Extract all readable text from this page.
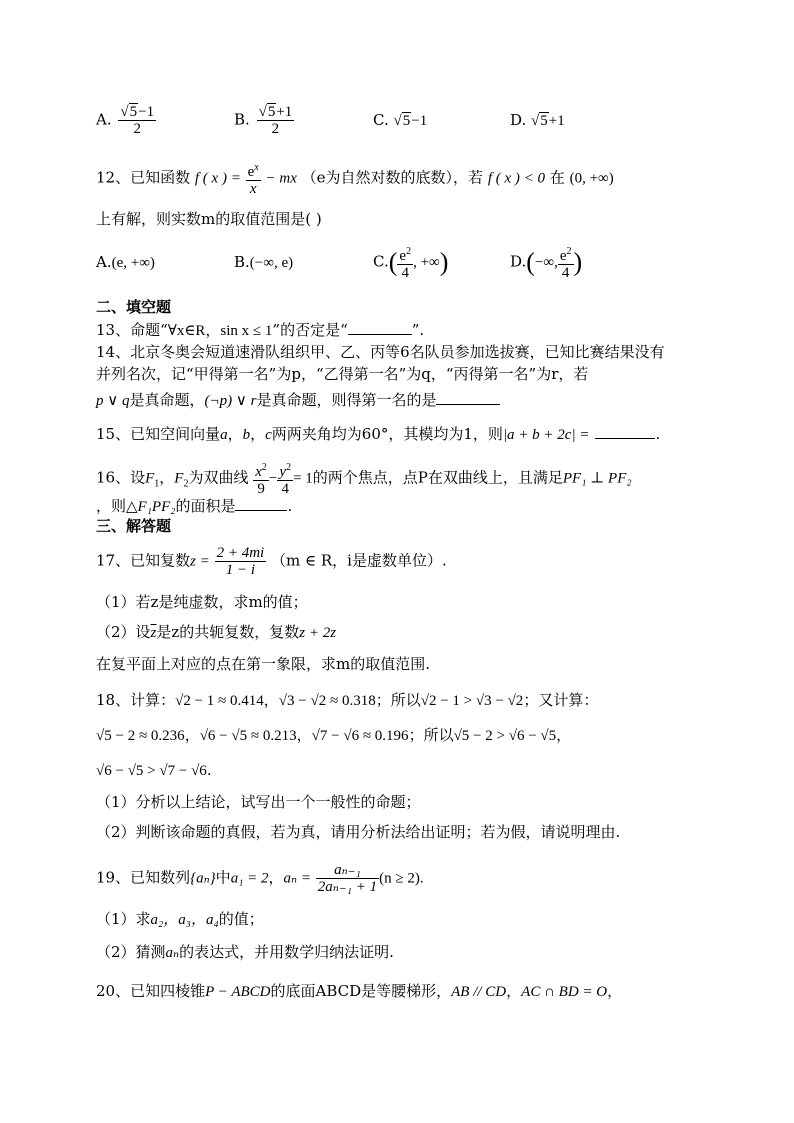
A. $\frac{√5-1}{2}$	B. $\frac{√5+1}{2}$	C. √5−1	D. √5+1
12、已知函数 f ( x ) = $\frac{e^x}{x}$ − mx （e为自然对数的底数），若 f ( x ) < 0 在 (0, +∞)
上有解，则实数m的取值范围是( )
A.(e, +∞)	B.(−∞, e)	$C.( \frac{e^2}{4}$ , +∞)	D.(−∞, $\frac{e^2}{4}$ )
二、填空题
13、命题“∀x∈R，sin x ≤ 1”的否定是“	”.
14、北京冬奥会短道速滑队组织甲、乙、丙等6名队员参加选拔赛，已知比赛结果没有
并列名次，记“甲得第一名”为p，“乙得第一名”为q，“丙得第一名”为r，若
p ∨ q是真命题，(¬p) ∨ r是真命题，则得第一名的是
15、已知空间向量a，b，c两两夹角均为60°，其模均为1，则|a + b + 2c| =	.
16、设$F_1$，$F_2$为双曲线 $\frac{x^2}{9} - \frac{y^2}{4} = 1$的两个焦点，点P在双曲线上，且满足PF₁ ⊥ PF₂
，则△F₁PF₂的面积是	.
三、解答题
17、已知复数$z = \frac{2 + 4mi}{1 - i} (m$ ∈ R，i是虚数单位）.
（1）若z是纯虚数，求m的值；
（2）设$\overline{z}$是z的共轭复数，复数z + 2z
在复平面上对应的点在第一象限，求m的取值范围.
18、计算：√2 − 1 ≈ 0.414，√3 − √2 ≈ 0.318；所以√2 − 1 > √3 − √2；又计算：
√5 − 2 ≈ 0.236，√6 − √5 ≈ 0.213，√7 − √6 ≈ 0.196；所以√5 − 2 > √6 − √5，
√6 − √5 > √7 − √6.
（1）分析以上结论，试写出一个一般性的命题；
（2）判断该命题的真假，若为真，请用分析法给出证明；若为假，请说明理由.
19、已知数列{aₙ}中a₁ = 2，$a_n = \frac{\text{aₙ₋₁}}{\text{2aₙ₋₁ + 1}} (n \ge 2)$.
（1）求a₂，a₃，a₄的值；
（2）猜测aₙ的表达式，并用数学归纳法证明.
20、已知四棱锥P − ABCD的底面ABCD是等腰梯形，AB // CD，AC ∩ BD = O，
